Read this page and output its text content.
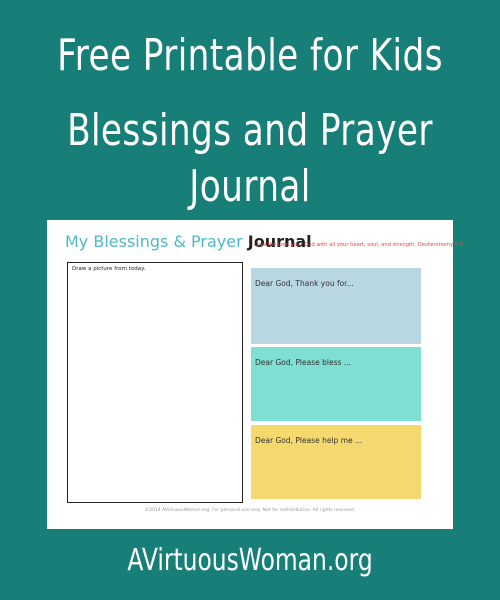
Free Printable for Kids
Blessings and Prayer Journal
My Blessings & Prayer Journal
Love the Lord your God with all your heart, soul, and strength. Deuteronomy 6:5
Draw a picture from today.
Dear God, Thank you for...
Dear God, Please bless ...
Dear God, Please help me ...
©2014 AVirtuousWoman.org. For personal use only. Not for redistribution. All rights reserved.
AVirtuousWoman.org
